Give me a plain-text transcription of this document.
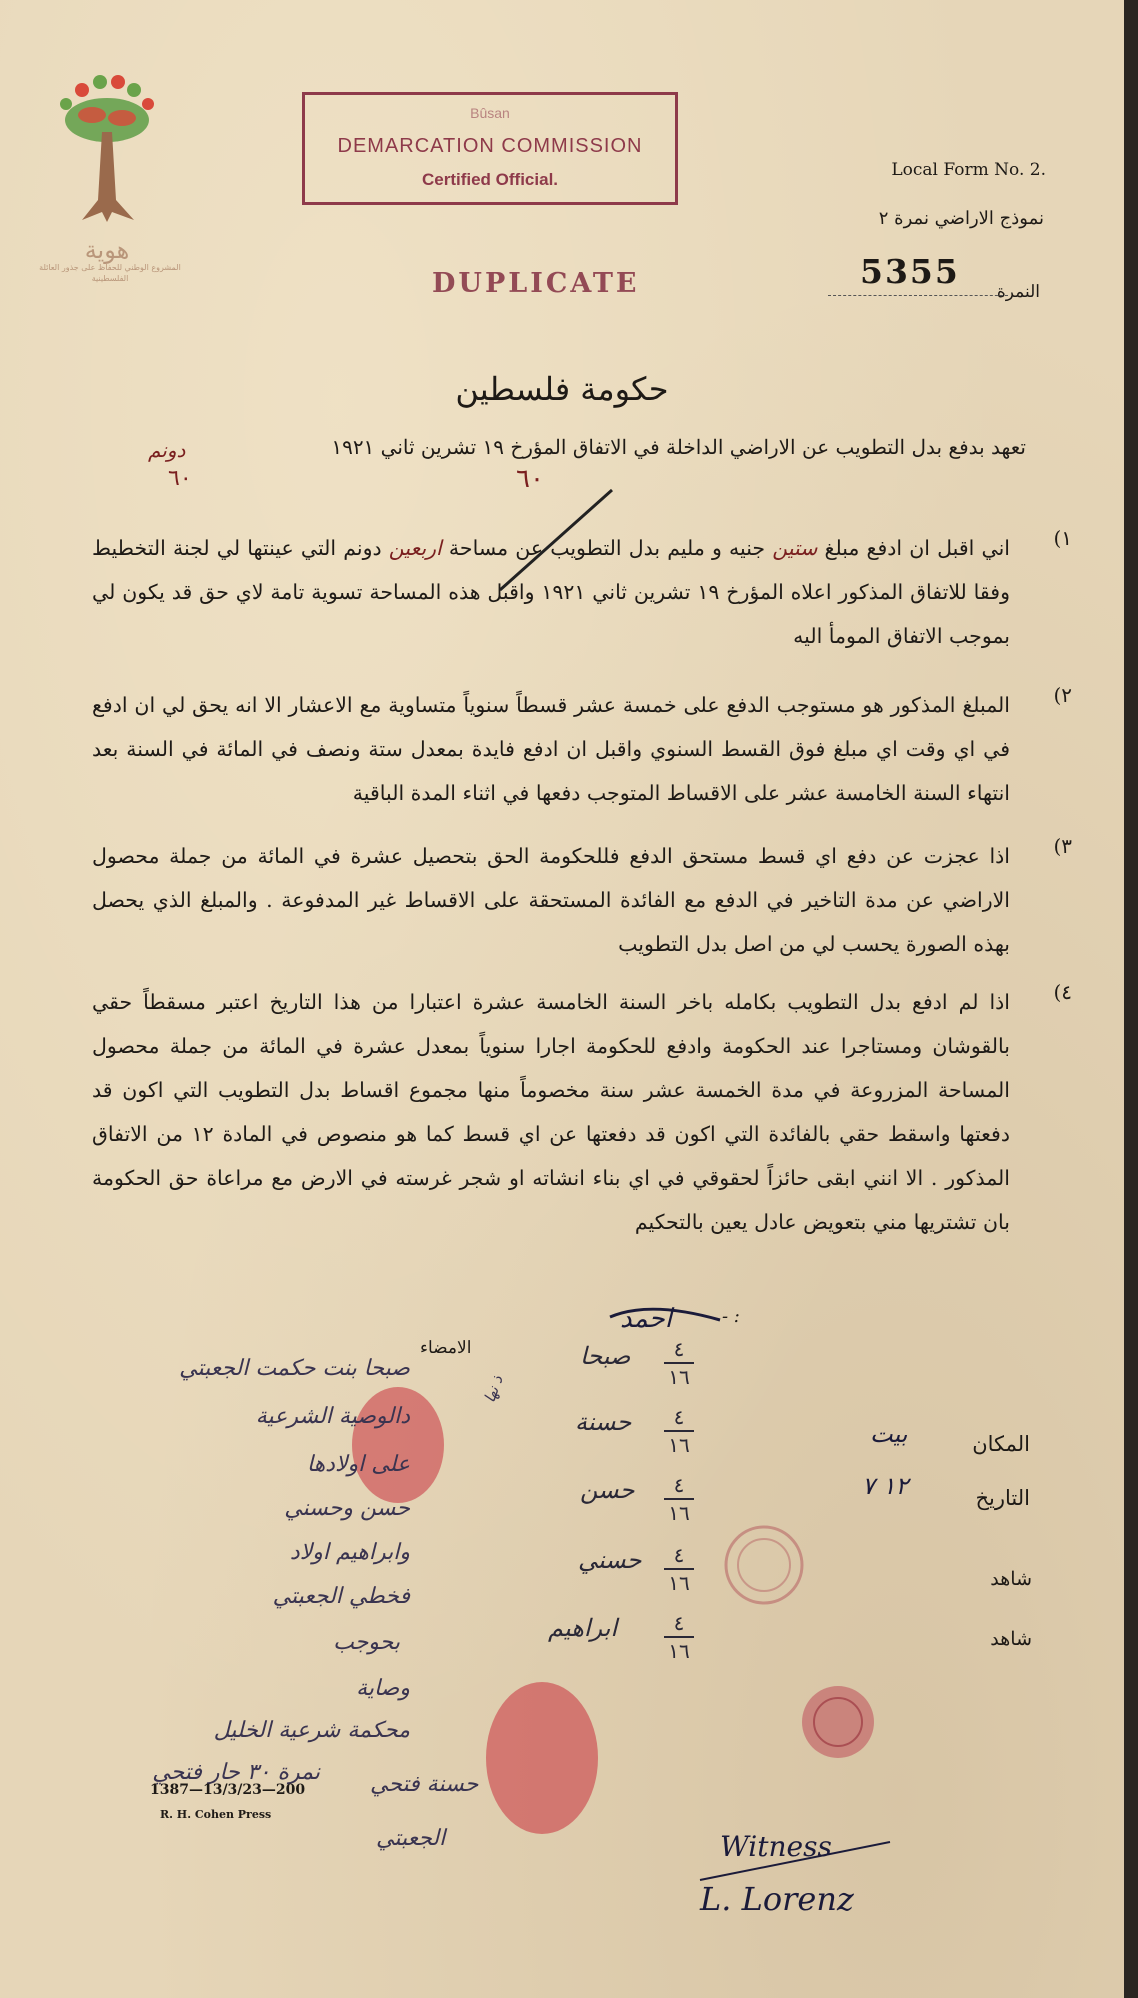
هوية
المشروع الوطني للحفاظ على جذور العائلة الفلسطينية
Bûsan
DEMARCATION COMMISSION
Certified Official.	Local Form No. 2.
نموذج الاراضي نمرة ٢
النمرة
5355
DUPLICATE
حكومة فلسطين
تعهد بدفع بدل التطويب عن الاراضي الداخلة في الاتفاق المؤرخ ١٩ تشرين ثاني ١٩٢١
دونم
٦٠	٦٠
١)
اني اقبل ان ادفع مبلغ ستين جنيه و مليم بدل التطويب عن مساحة اربعين دونم التي عينتها لي لجنة التخطيط وفقا للاتفاق المذكور اعلاه المؤرخ ١٩ تشرين ثاني ١٩٢١ واقبل هذه المساحة تسوية تامة لاي حق قد يكون لي بموجب الاتفاق المومأ اليه
٢)
المبلغ المذكور هو مستوجب الدفع على خمسة عشر قسطاً سنوياً متساوية مع الاعشار الا انه يحق لي ان ادفع في اي وقت اي مبلغ فوق القسط السنوي واقبل ان ادفع فايدة بمعدل ستة ونصف في المائة في السنة بعد انتهاء السنة الخامسة عشر على الاقساط المتوجب دفعها في اثناء المدة الباقية
٣)
اذا عجزت عن دفع اي قسط مستحق الدفع فللحكومة الحق بتحصيل عشرة في المائة من جملة محصول الاراضي عن مدة التاخير في الدفع مع الفائدة المستحقة على الاقساط غير المدفوعة . والمبلغ الذي يحصل بهذه الصورة يحسب لي من اصل بدل التطويب
٤)
اذا لم ادفع بدل التطويب بكامله باخر السنة الخامسة عشرة اعتبارا من هذا التاريخ اعتبر مسقطاً حقي بالقوشان ومستاجرا عند الحكومة وادفع للحكومة اجارا سنوياً بمعدل عشرة في المائة من جملة محصول المساحة المزروعة في مدة الخمسة عشر سنة مخصوماً منها مجموع اقساط بدل التطويب التي اكون قد دفعتها واسقط حقي بالفائدة التي اكون قد دفعتها عن اي قسط كما هو منصوص في المادة ١٢ من الاتفاق المذكور . الا انني ابقى حائزاً لحقوقي في اي بناء انشاته او شجر غرسته في الارض مع مراعاة حق الحكومة بان تشتريها مني بتعويض عادل يعين بالتحكيم
احمد	: -
الامضاء
ذ نها
صبحا بنت حكمت الجعبتي
دالوصية الشرعية
على اولادها
حسن وحسني
وابراهيم اولاد
فخطي الجعبتي
بحوجب
وصاية
محكمة شرعية الخليل
نمرة ٣٠ حار فتحي
صبحا	٤
١٦
حسنة	٤
١٦
حسن	٤
١٦
حسني	٤
١٦
ابراهيم	٤
١٦
المكان
بيت
التاريخ
١٢ ٧
شاهد
شاهد
حسنة فتحي
الجعبتي
1387—13/3/23—200
R. H. Cohen Press
Witness
L. Lorenz
